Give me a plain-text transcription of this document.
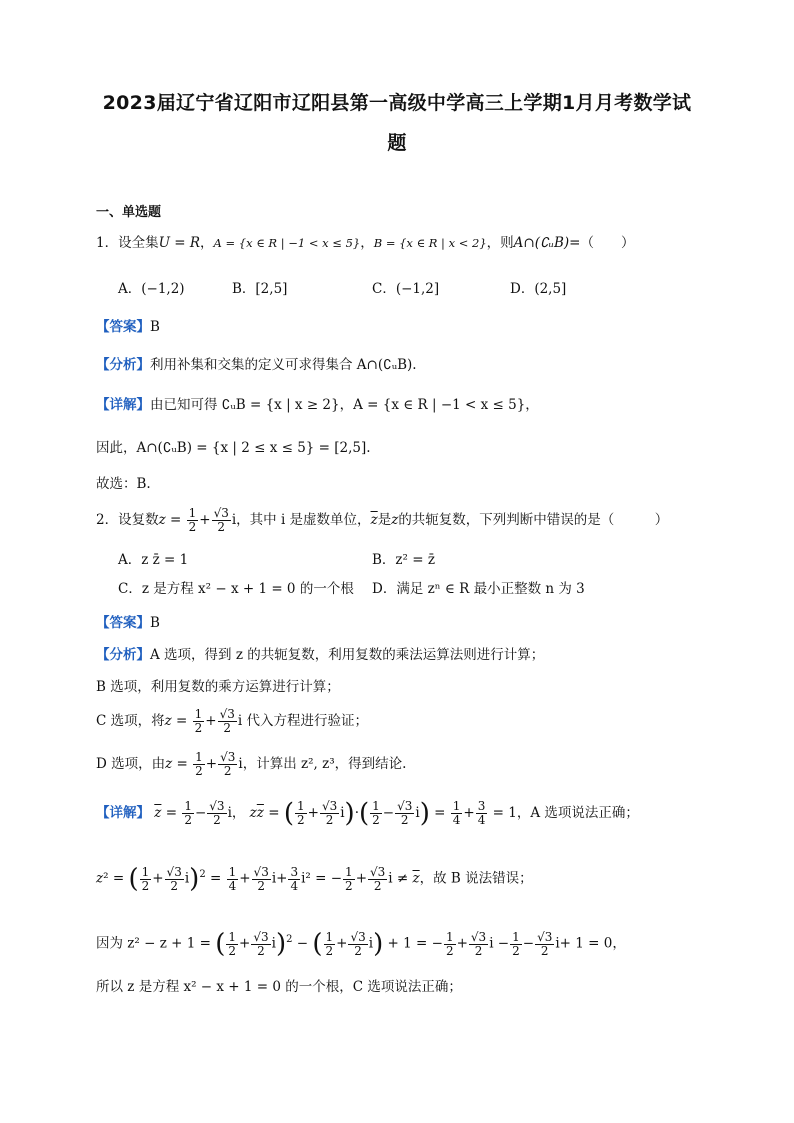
2023届辽宁省辽阳市辽阳县第一高级中学高三上学期1月月考数学试
题
一、单选题
1．设全集U = R，A = {x ∈ R | −1 < x ≤ 5}，B = {x ∈ R | x < 2}，则A∩(∁ᵤB)=（　　）
A．(−1,2)	B．[2,5]	C．(−1,2]	D．(2,5]
【答案】B
【分析】利用补集和交集的定义可求得集合 A∩(∁ᵤB).
【详解】由已知可得 ∁ᵤB = {x | x ≥ 2}，A = {x ∈ R | −1 < x ≤ 5}，
因此，A∩(∁ᵤB) = {x | 2 ≤ x ≤ 5} = [2,5].
故选：B.
2．设复数$z = \frac{1}{2} + \frac{√3}{2}$ i，其中 i 是虚数单位，$\overline{z}$是z的共轭复数，下列判断中错误的是（　　　）
A．z z̄ = 1	B．z² = z̄
C．z 是方程 x² − x + 1 = 0 的一个根 D．满足 zⁿ ∈ R 最小正整数 n 为 3
【答案】B
【分析】A 选项，得到 z 的共轭复数，利用复数的乘法运算法则进行计算；
B 选项，利用复数的乘方运算进行计算；
C 选项，将$z = \frac{1}{2} + \frac{√3}{2}$ i 代入方程进行验证；
D 选项，由$z = \frac{1}{2} + \frac{√3}{2}$ i，计算出 z², z³，得到结论.
【详解】 $\overline{z} = \frac{1}{2} - \frac{√3}{2}$ i， $z\overline{z}$ = ( $\frac{1}{2} + \frac{√3}{2} i)\cdot( \frac{1}{2} - \frac{√3}{2} i) = \frac{1}{4} + \frac{3}{4} = 1$，A 选项说法正确；
z² = ( $\frac{1}{2} + \frac{√3}{2} i)^2 = \frac{1}{4} + \frac{√3}{2} i+ \frac{3}{4} i^2$ = − $\frac{1}{2} + \frac{√3}{2}$ $i \ne \overline{z}$，故 B 说法错误；
因为 z² − z + 1 = ( $\frac{1}{2} + \frac{√3}{2} i)^2$ − ( $\frac{1}{2} + \frac{√3}{2} i) + 1$ = − $\frac{1}{2} + \frac{√3}{2}$ $i - \frac{1}{2} - \frac{√3}{2} i+ 1 = 0$，
所以 z 是方程 x² − x + 1 = 0 的一个根，C 选项说法正确；
